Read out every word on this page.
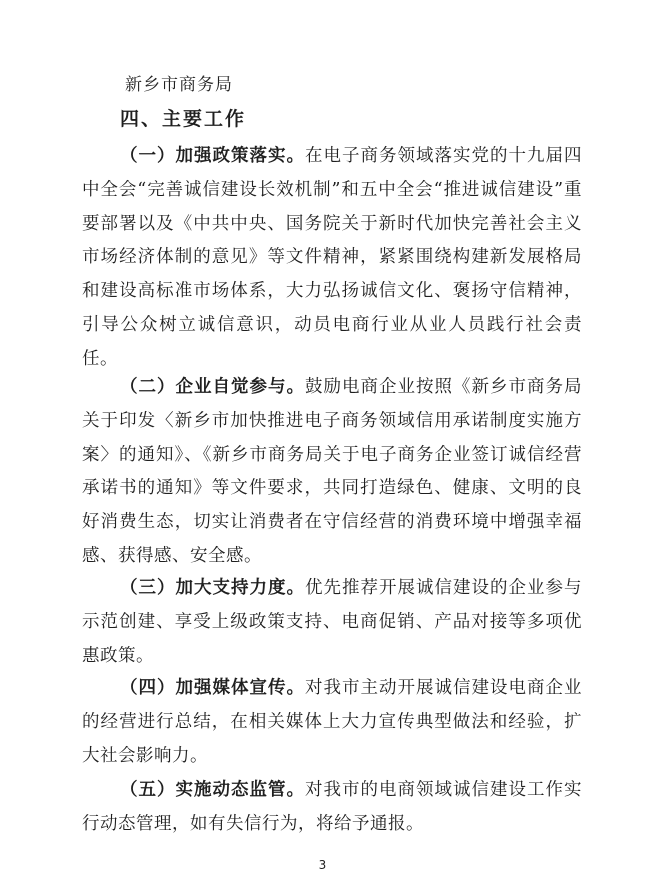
新乡市商务局
四、主要工作
（一）加强政策落实。在电子商务领域落实党的十九届四中全会“完善诚信建设长效机制”和五中全会“推进诚信建设”重要部署以及《中共中央、国务院关于新时代加快完善社会主义市场经济体制的意见》等文件精神，紧紧围绕构建新发展格局和建设高标准市场体系，大力弘扬诚信文化、褒扬守信精神，引导公众树立诚信意识，动员电商行业从业人员践行社会责任。
（二）企业自觉参与。鼓励电商企业按照《新乡市商务局关于印发〈新乡市加快推进电子商务领域信用承诺制度实施方案〉的通知》、《新乡市商务局关于电子商务企业签订诚信经营承诺书的通知》等文件要求，共同打造绿色、健康、文明的良好消费生态，切实让消费者在守信经营的消费环境中增强幸福感、获得感、安全感。
（三）加大支持力度。优先推荐开展诚信建设的企业参与示范创建、享受上级政策支持、电商促销、产品对接等多项优惠政策。
（四）加强媒体宣传。对我市主动开展诚信建设电商企业的经营进行总结，在相关媒体上大力宣传典型做法和经验，扩大社会影响力。
（五）实施动态监管。对我市的电商领域诚信建设工作实行动态管理，如有失信行为，将给予通报。
3
